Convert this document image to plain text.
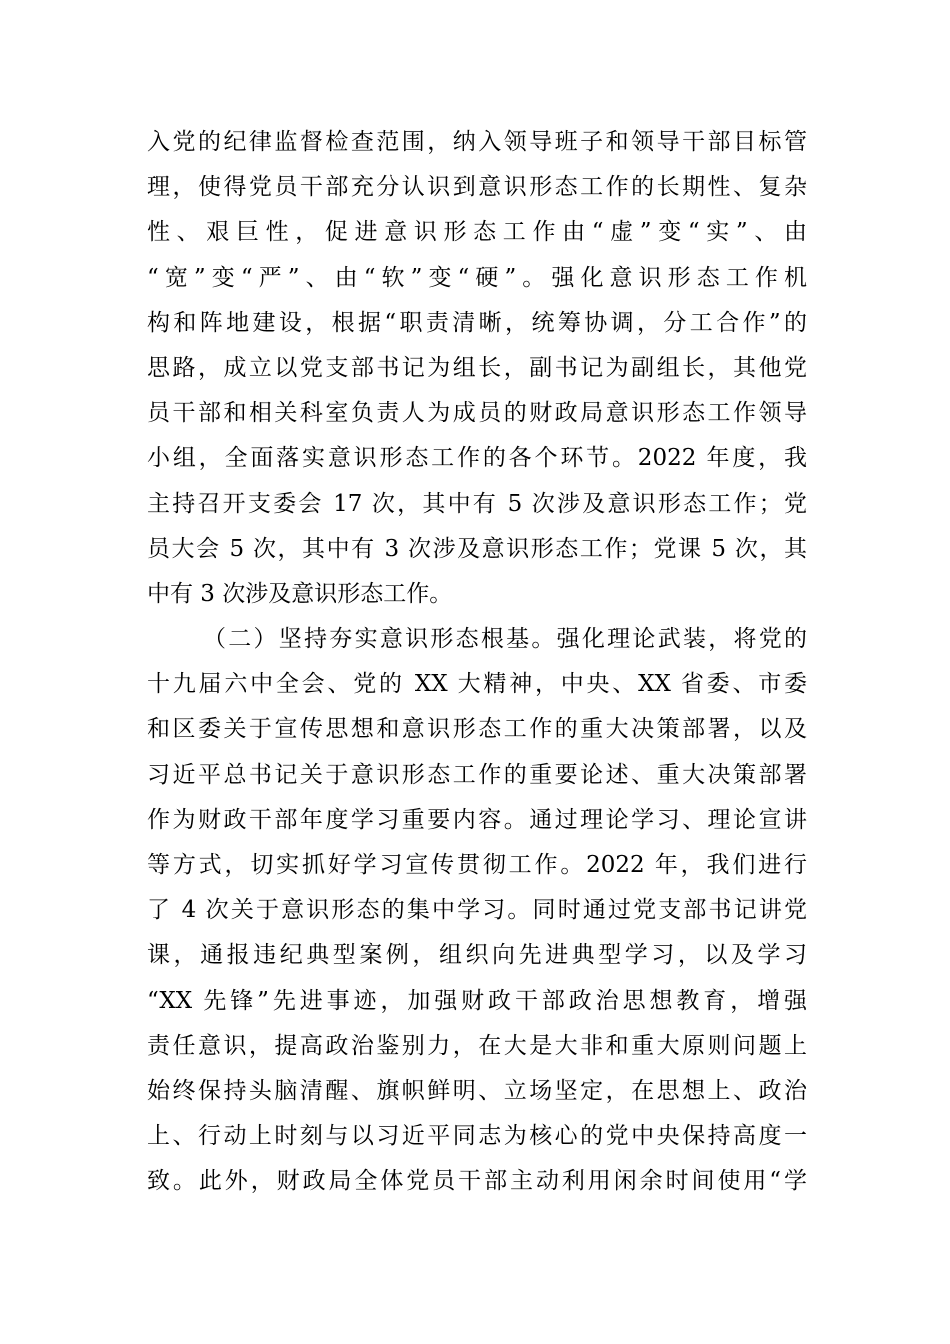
入党的纪律监督检查范围，纳入领导班子和领导干部目标管
理，使得党员干部充分认识到意识形态工作的长期性、复杂
性、艰巨性，促进意识形态工作由“虚”变“实”、由
“宽”变“严”、由“软”变“硬”。强化意识形态工作机
构和阵地建设，根据“职责清晰，统筹协调，分工合作”的
思路，成立以党支部书记为组长，副书记为副组长，其他党
员干部和相关科室负责人为成员的财政局意识形态工作领导
小组，全面落实意识形态工作的各个环节。2022 年度，我
主持召开支委会 17 次，其中有 5 次涉及意识形态工作；党
员大会 5 次，其中有 3 次涉及意识形态工作；党课 5 次，其
中有 3 次涉及意识形态工作。
（二）坚持夯实意识形态根基。强化理论武装，将党的
十九届六中全会、党的 XX 大精神，中央、XX 省委、市委
和区委关于宣传思想和意识形态工作的重大决策部署，以及
习近平总书记关于意识形态工作的重要论述、重大决策部署
作为财政干部年度学习重要内容。通过理论学习、理论宣讲
等方式，切实抓好学习宣传贯彻工作。2022 年，我们进行
了 4 次关于意识形态的集中学习。同时通过党支部书记讲党
课，通报违纪典型案例，组织向先进典型学习，以及学习
“XX 先锋”先进事迹，加强财政干部政治思想教育，增强
责任意识，提高政治鉴别力，在大是大非和重大原则问题上
始终保持头脑清醒、旗帜鲜明、立场坚定，在思想上、政治
上、行动上时刻与以习近平同志为核心的党中央保持高度一
致。此外，财政局全体党员干部主动利用闲余时间使用“学
